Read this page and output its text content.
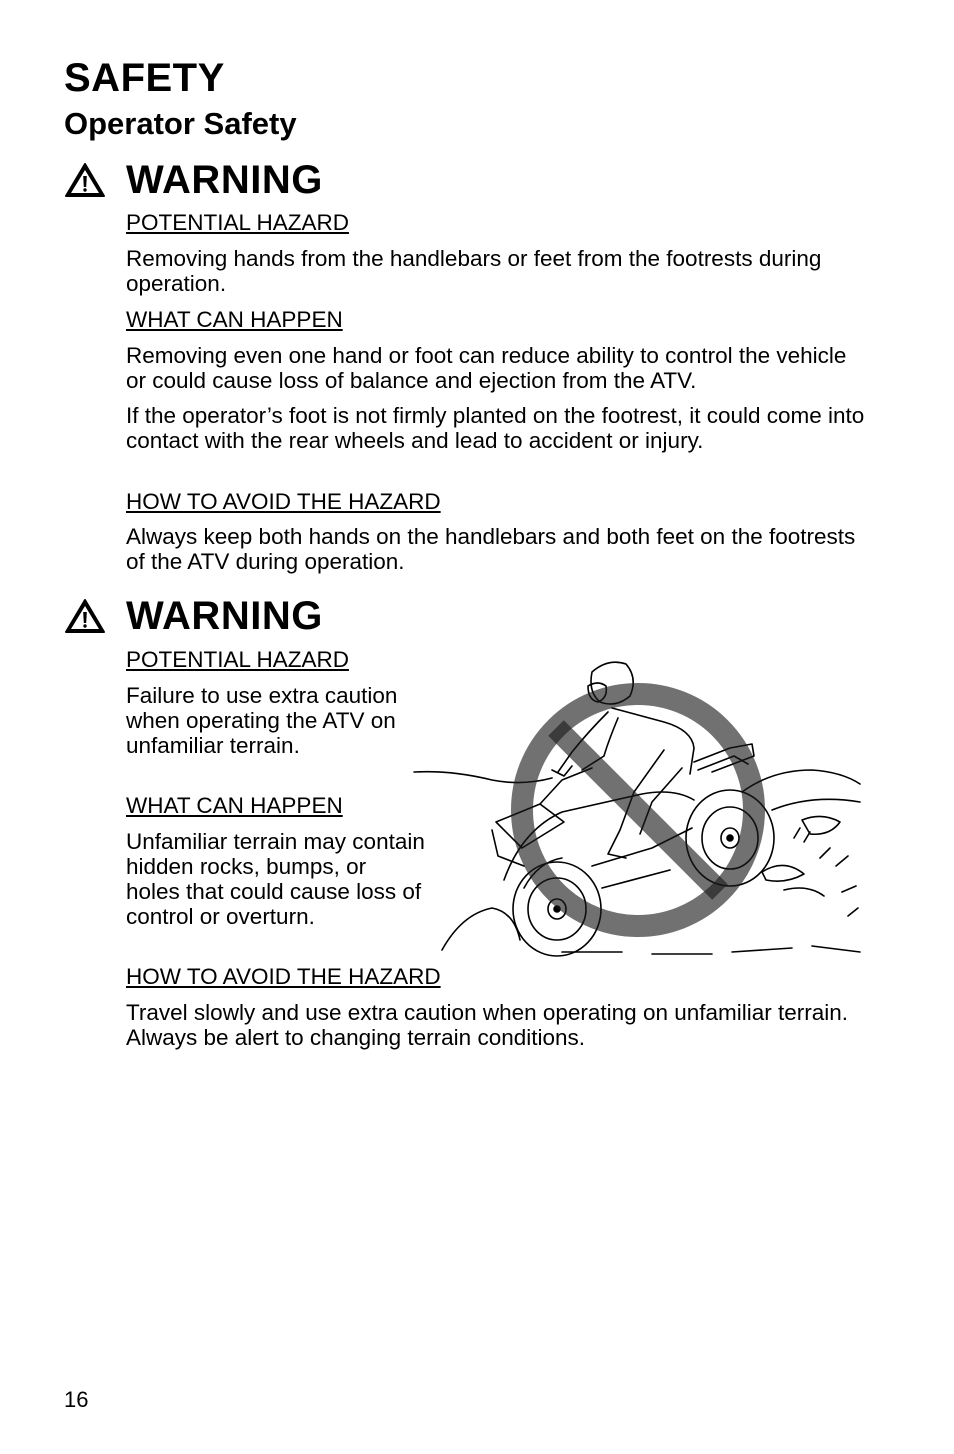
SAFETY
Operator Safety
WARNING
POTENTIAL HAZARD

Removing hands from the handlebars or feet from the footrests during operation.

WHAT CAN HAPPEN

Removing even one hand or foot can reduce ability to control the vehicle or could cause loss of balance and ejection from the ATV.

If the operator’s foot is not firmly planted on the footrest, it could come into contact with the rear wheels and lead to accident or injury.

HOW TO AVOID THE HAZARD

Always keep both hands on the handlebars and both feet on the footrests of the ATV during operation.

WARNING
POTENTIAL HAZARD

Failure to use extra caution when operating the ATV on unfamiliar terrain.

WHAT CAN HAPPEN

Unfamiliar terrain may contain hidden rocks, bumps, or holes that could cause loss of control or overturn.

HOW TO AVOID THE HAZARD

Travel slowly and use extra caution when operating on unfamiliar terrain. Always be alert to changing terrain conditions.

16
